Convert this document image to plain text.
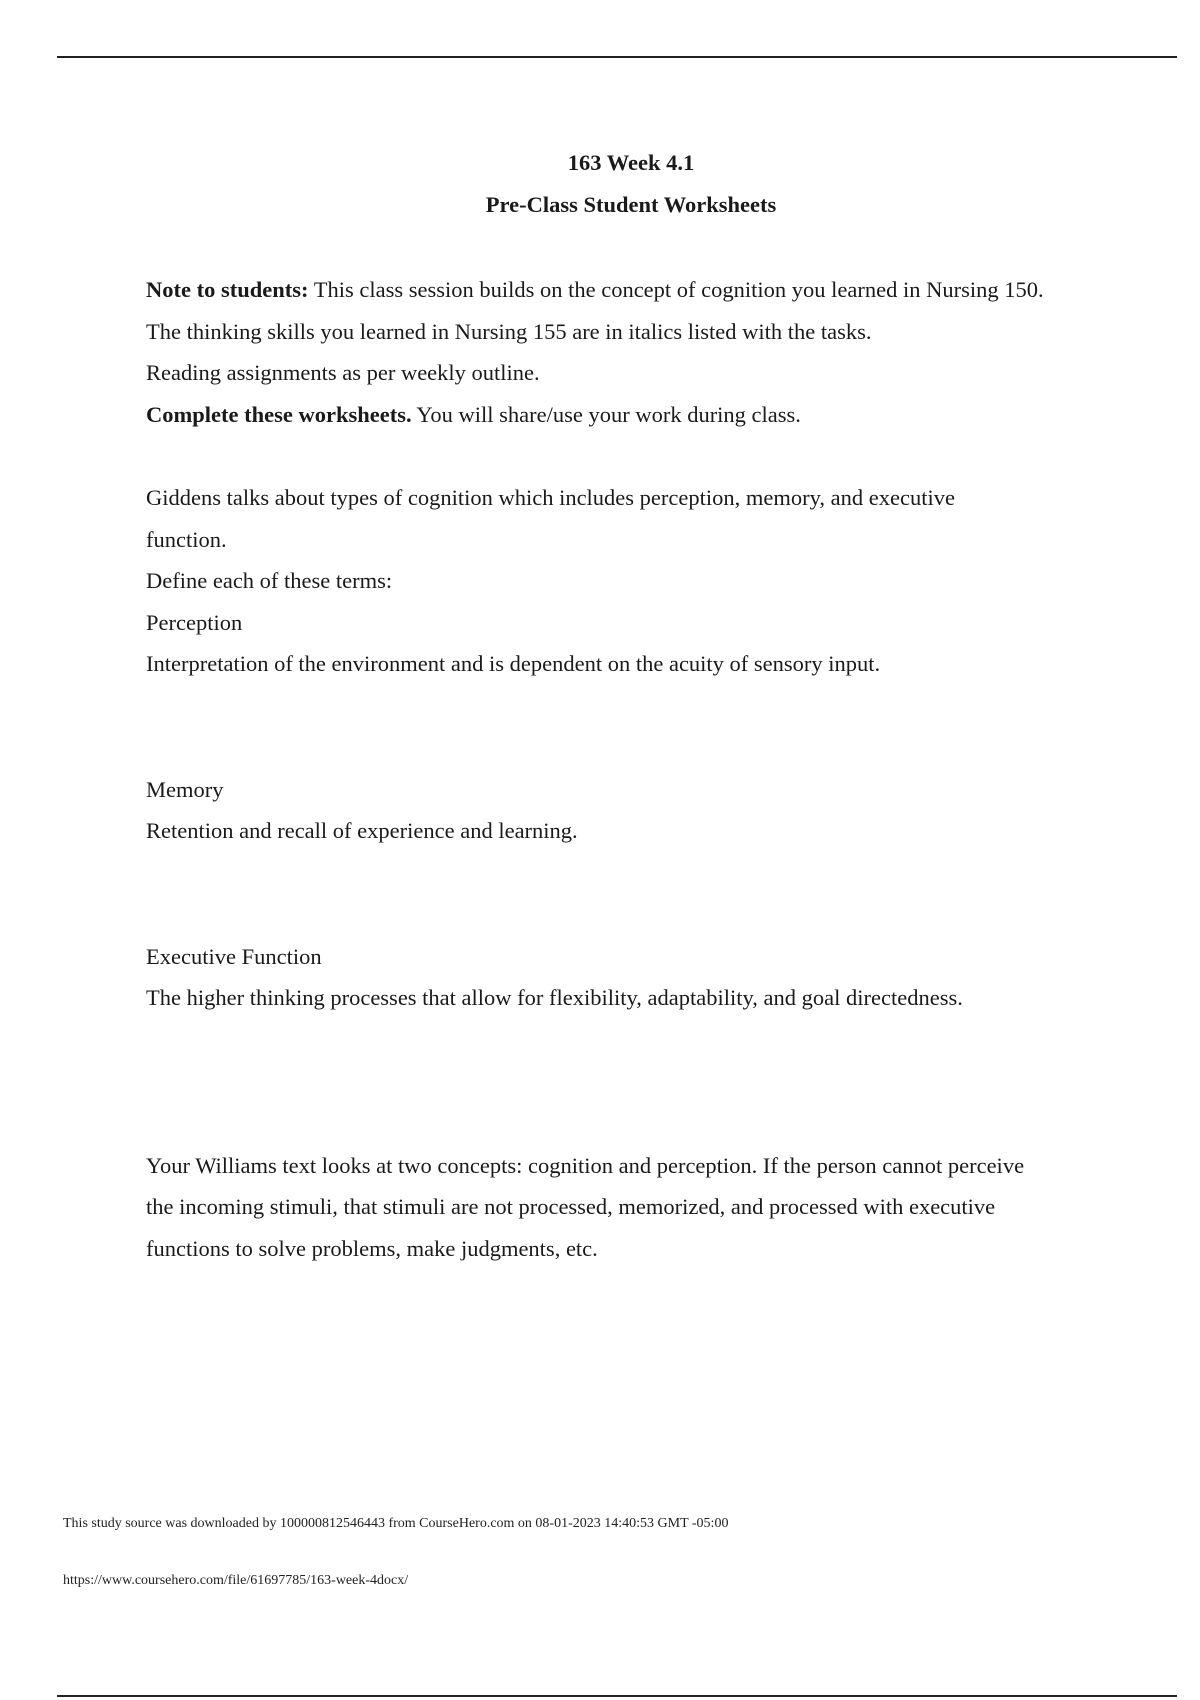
163 Week 4.1

Pre-Class Student Worksheets

Note to students: This class session builds on the concept of cognition you learned in Nursing 150. The thinking skills you learned in Nursing 155 are in italics listed with the tasks.

Reading assignments as per weekly outline.

Complete these worksheets. You will share/use your work during class.

Giddens talks about types of cognition which includes perception, memory, and executive function.

Define each of these terms:

Perception

Interpretation of the environment and is dependent on the acuity of sensory input.

Memory

Retention and recall of experience and learning.

Executive Function

The higher thinking processes that allow for flexibility, adaptability, and goal directedness.

Your Williams text looks at two concepts: cognition and perception. If the person cannot perceive the incoming stimuli, that stimuli are not processed, memorized, and processed with executive functions to solve problems, make judgments, etc.

This study source was downloaded by 100000812546443 from CourseHero.com on 08-01-2023 14:40:53 GMT -05:00
https://www.coursehero.com/file/61697785/163-week-4docx/
